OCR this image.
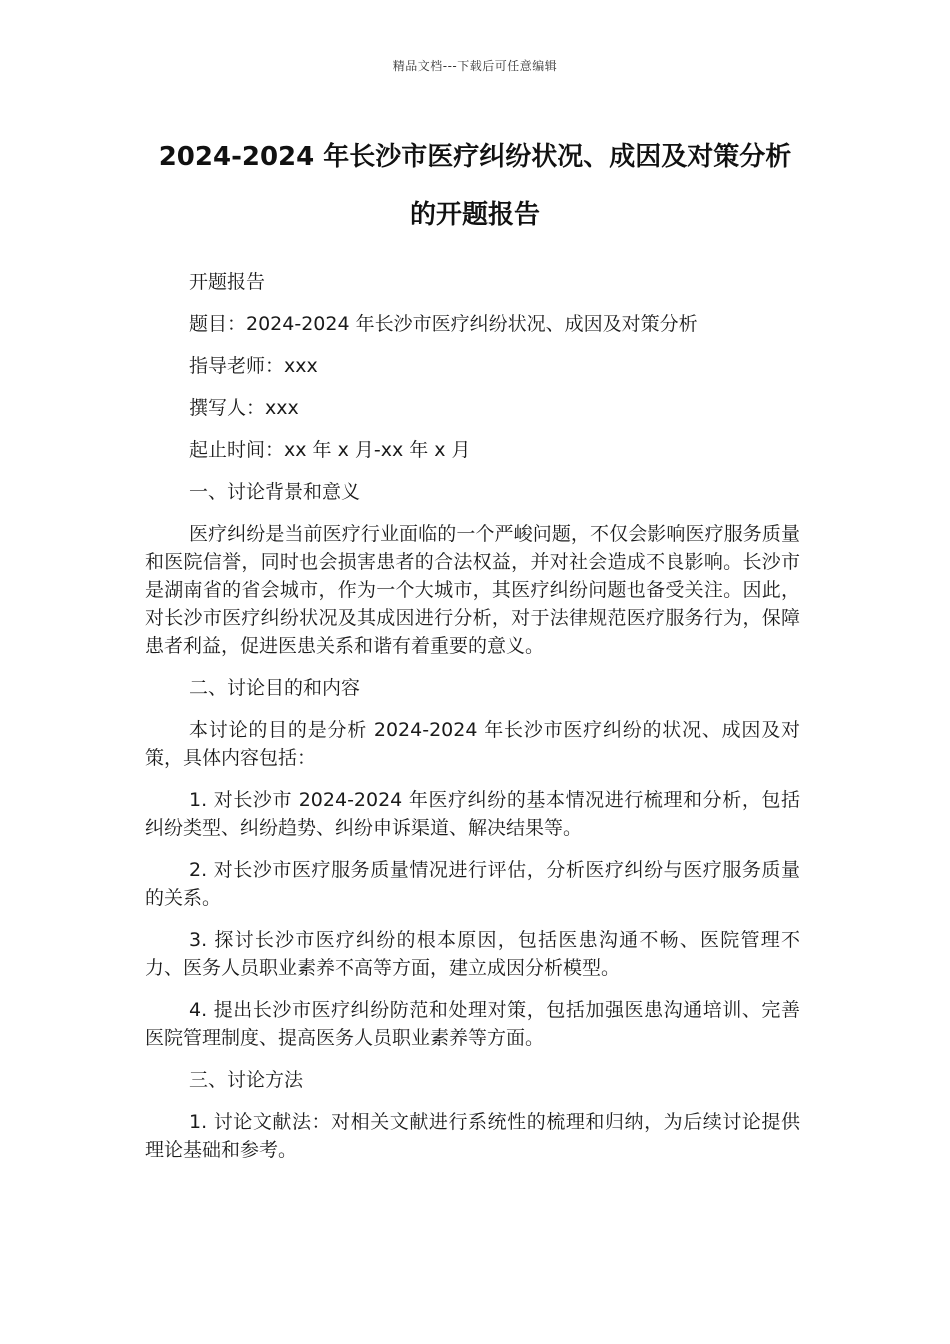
精品文档---下载后可任意编辑
2024-2024 年长沙市医疗纠纷状况、成因及对策分析
的开题报告

开题报告

题目：2024-2024 年长沙市医疗纠纷状况、成因及对策分析

指导老师：xxx

撰写人：xxx

起止时间：xx 年 x 月-xx 年 x 月

一、讨论背景和意义

医疗纠纷是当前医疗行业面临的一个严峻问题，不仅会影响医疗服务质量和医院信誉，同时也会损害患者的合法权益，并对社会造成不良影响。长沙市是湖南省的省会城市，作为一个大城市，其医疗纠纷问题也备受关注。因此，对长沙市医疗纠纷状况及其成因进行分析，对于法律规范医疗服务行为，保障患者利益，促进医患关系和谐有着重要的意义。

二、讨论目的和内容

本讨论的目的是分析 2024-2024 年长沙市医疗纠纷的状况、成因及对策，具体内容包括：

1. 对长沙市 2024-2024 年医疗纠纷的基本情况进行梳理和分析，包括纠纷类型、纠纷趋势、纠纷申诉渠道、解决结果等。

2. 对长沙市医疗服务质量情况进行评估，分析医疗纠纷与医疗服务质量的关系。

3. 探讨长沙市医疗纠纷的根本原因，包括医患沟通不畅、医院管理不力、医务人员职业素养不高等方面，建立成因分析模型。

4. 提出长沙市医疗纠纷防范和处理对策，包括加强医患沟通培训、完善医院管理制度、提高医务人员职业素养等方面。

三、讨论方法

1. 讨论文献法：对相关文献进行系统性的梳理和归纳，为后续讨论提供理论基础和参考。
